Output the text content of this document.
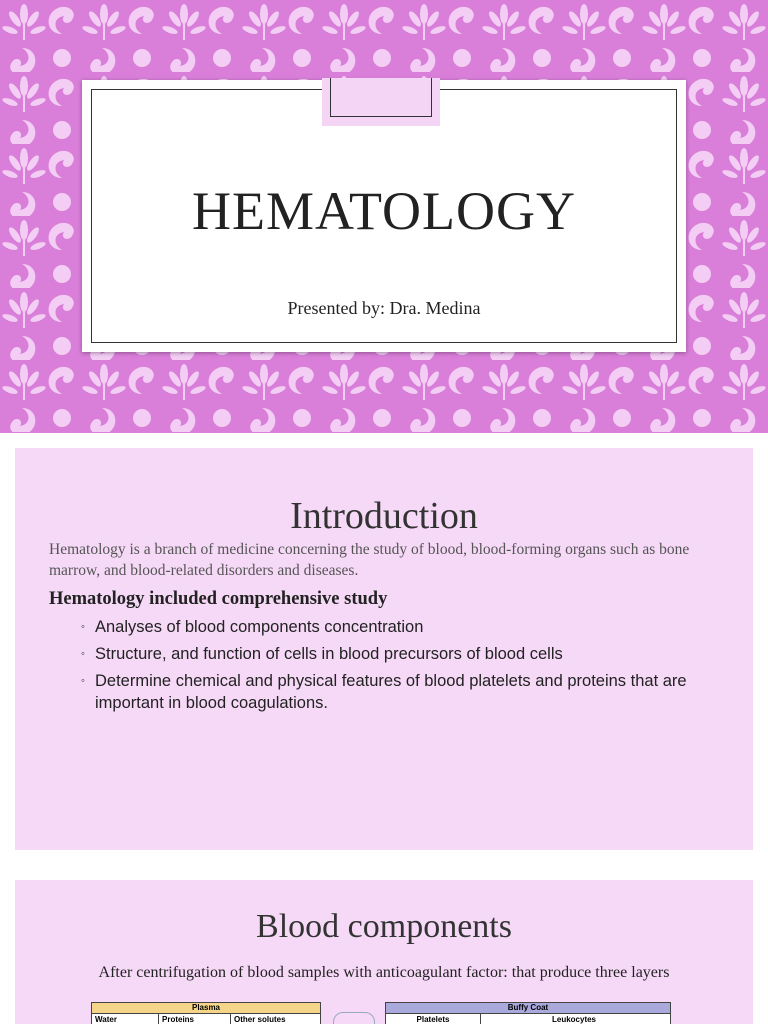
HEMATOLOGY
Presented by: Dra. Medina
Introduction
Hematology is a branch of medicine concerning the study of blood, blood-forming organs such as bone marrow, and blood-related disorders and diseases.
Hematology included comprehensive study
◦ Analyses of blood components concentration
◦ Structure, and function of cells in blood precursors of blood cells
◦ Determine chemical and physical features of blood platelets and proteins that are important in blood coagulations.
Blood components
After centrifugation of blood samples with anticoagulant factor: that produce three layers
Plasma
Water	Proteins	Other solutes
Buffy Coat
Platelets	Leukocytes
